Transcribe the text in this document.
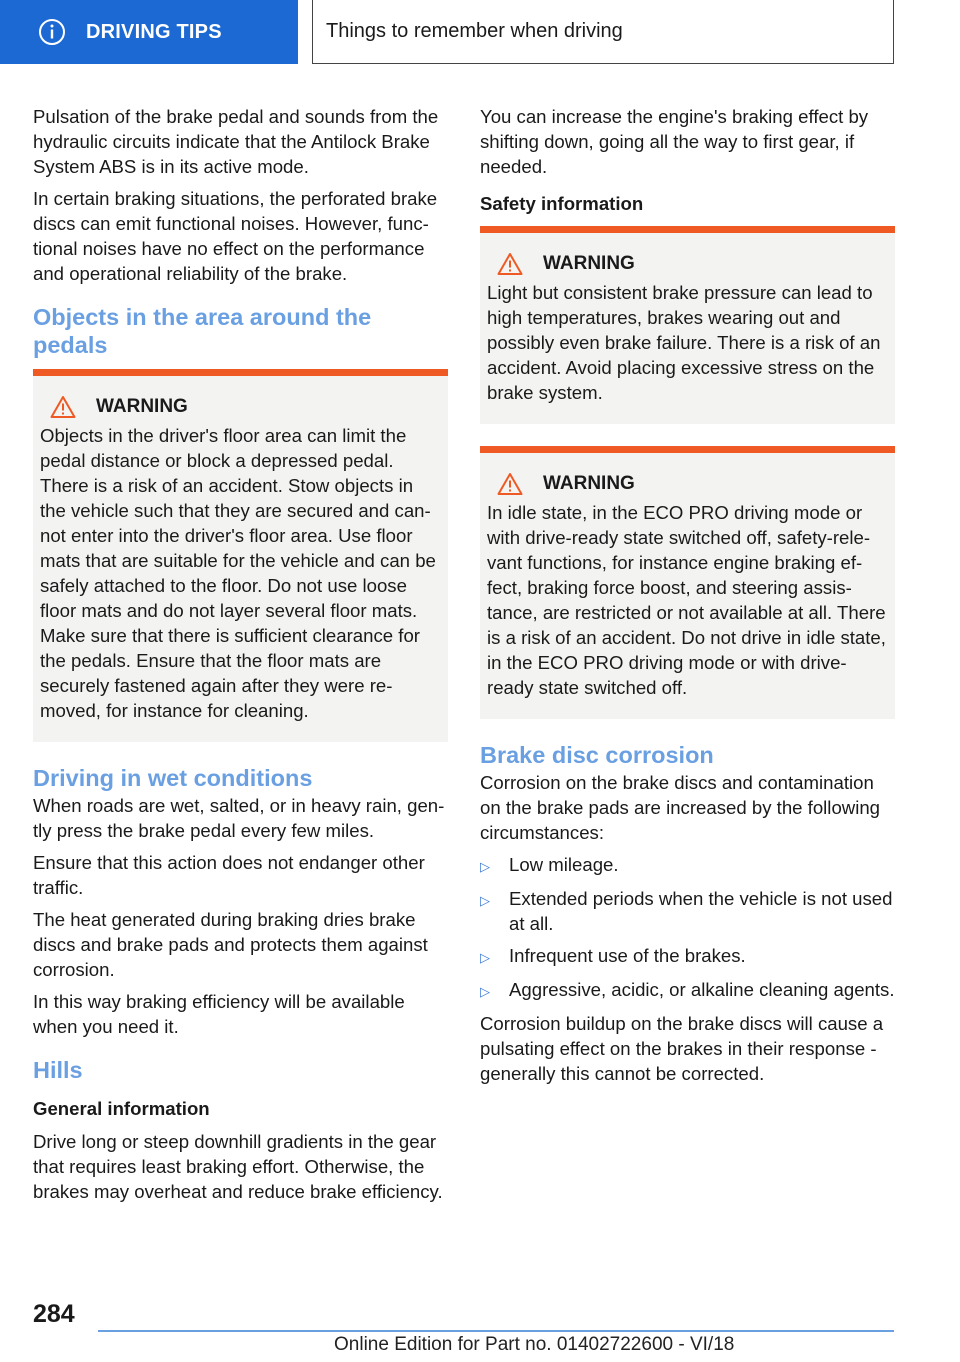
DRIVING TIPS	Things to remember when driving

Pulsation of the brake pedal and sounds from the hydraulic circuits indicate that the Antilock Brake System ABS is in its active mode.

In certain braking situations, the perforated brake discs can emit functional noises. However, functional noises have no effect on the performance and operational reliability of the brake.

Objects in the area around the pedals
WARNING

Objects in the driver's floor area can limit the pedal distance or block a depressed pedal. There is a risk of an accident. Stow objects in the vehicle such that they are secured and cannot enter into the driver's floor area. Use floor mats that are suitable for the vehicle and can be safely attached to the floor. Do not use loose floor mats and do not layer several floor mats. Make sure that there is sufficient clearance for the pedals. Ensure that the floor mats are securely fastened again after they were removed, for instance for cleaning.

Driving in wet conditions

When roads are wet, salted, or in heavy rain, gently press the brake pedal every few miles.

Ensure that this action does not endanger other traffic.

The heat generated during braking dries brake discs and brake pads and protects them against corrosion.

In this way braking efficiency will be available when you need it.

Hills
General information

Drive long or steep downhill gradients in the gear that requires least braking effort. Otherwise, the brakes may overheat and reduce brake efficiency.

You can increase the engine's braking effect by shifting down, going all the way to first gear, if needed.

Safety information
WARNING

Light but consistent brake pressure can lead to high temperatures, brakes wearing out and possibly even brake failure. There is a risk of an accident. Avoid placing excessive stress on the brake system.

WARNING

In idle state, in the ECO PRO driving mode or with drive-ready state switched off, safety-relevant functions, for instance engine braking effect, braking force boost, and steering assistance, are restricted or not available at all. There is a risk of an accident. Do not drive in idle state, in the ECO PRO driving mode or with drive-ready state switched off.

Brake disc corrosion

Corrosion on the brake discs and contamination on the brake pads are increased by the following circumstances:

▷	Low mileage.
▷	Extended periods when the vehicle is not used at all.
▷	Infrequent use of the brakes.
▷	Aggressive, acidic, or alkaline cleaning agents.

Corrosion buildup on the brake discs will cause a pulsating effect on the brakes in their response - generally this cannot be corrected.

284
Online Edition for Part no. 01402722600 - VI/18
